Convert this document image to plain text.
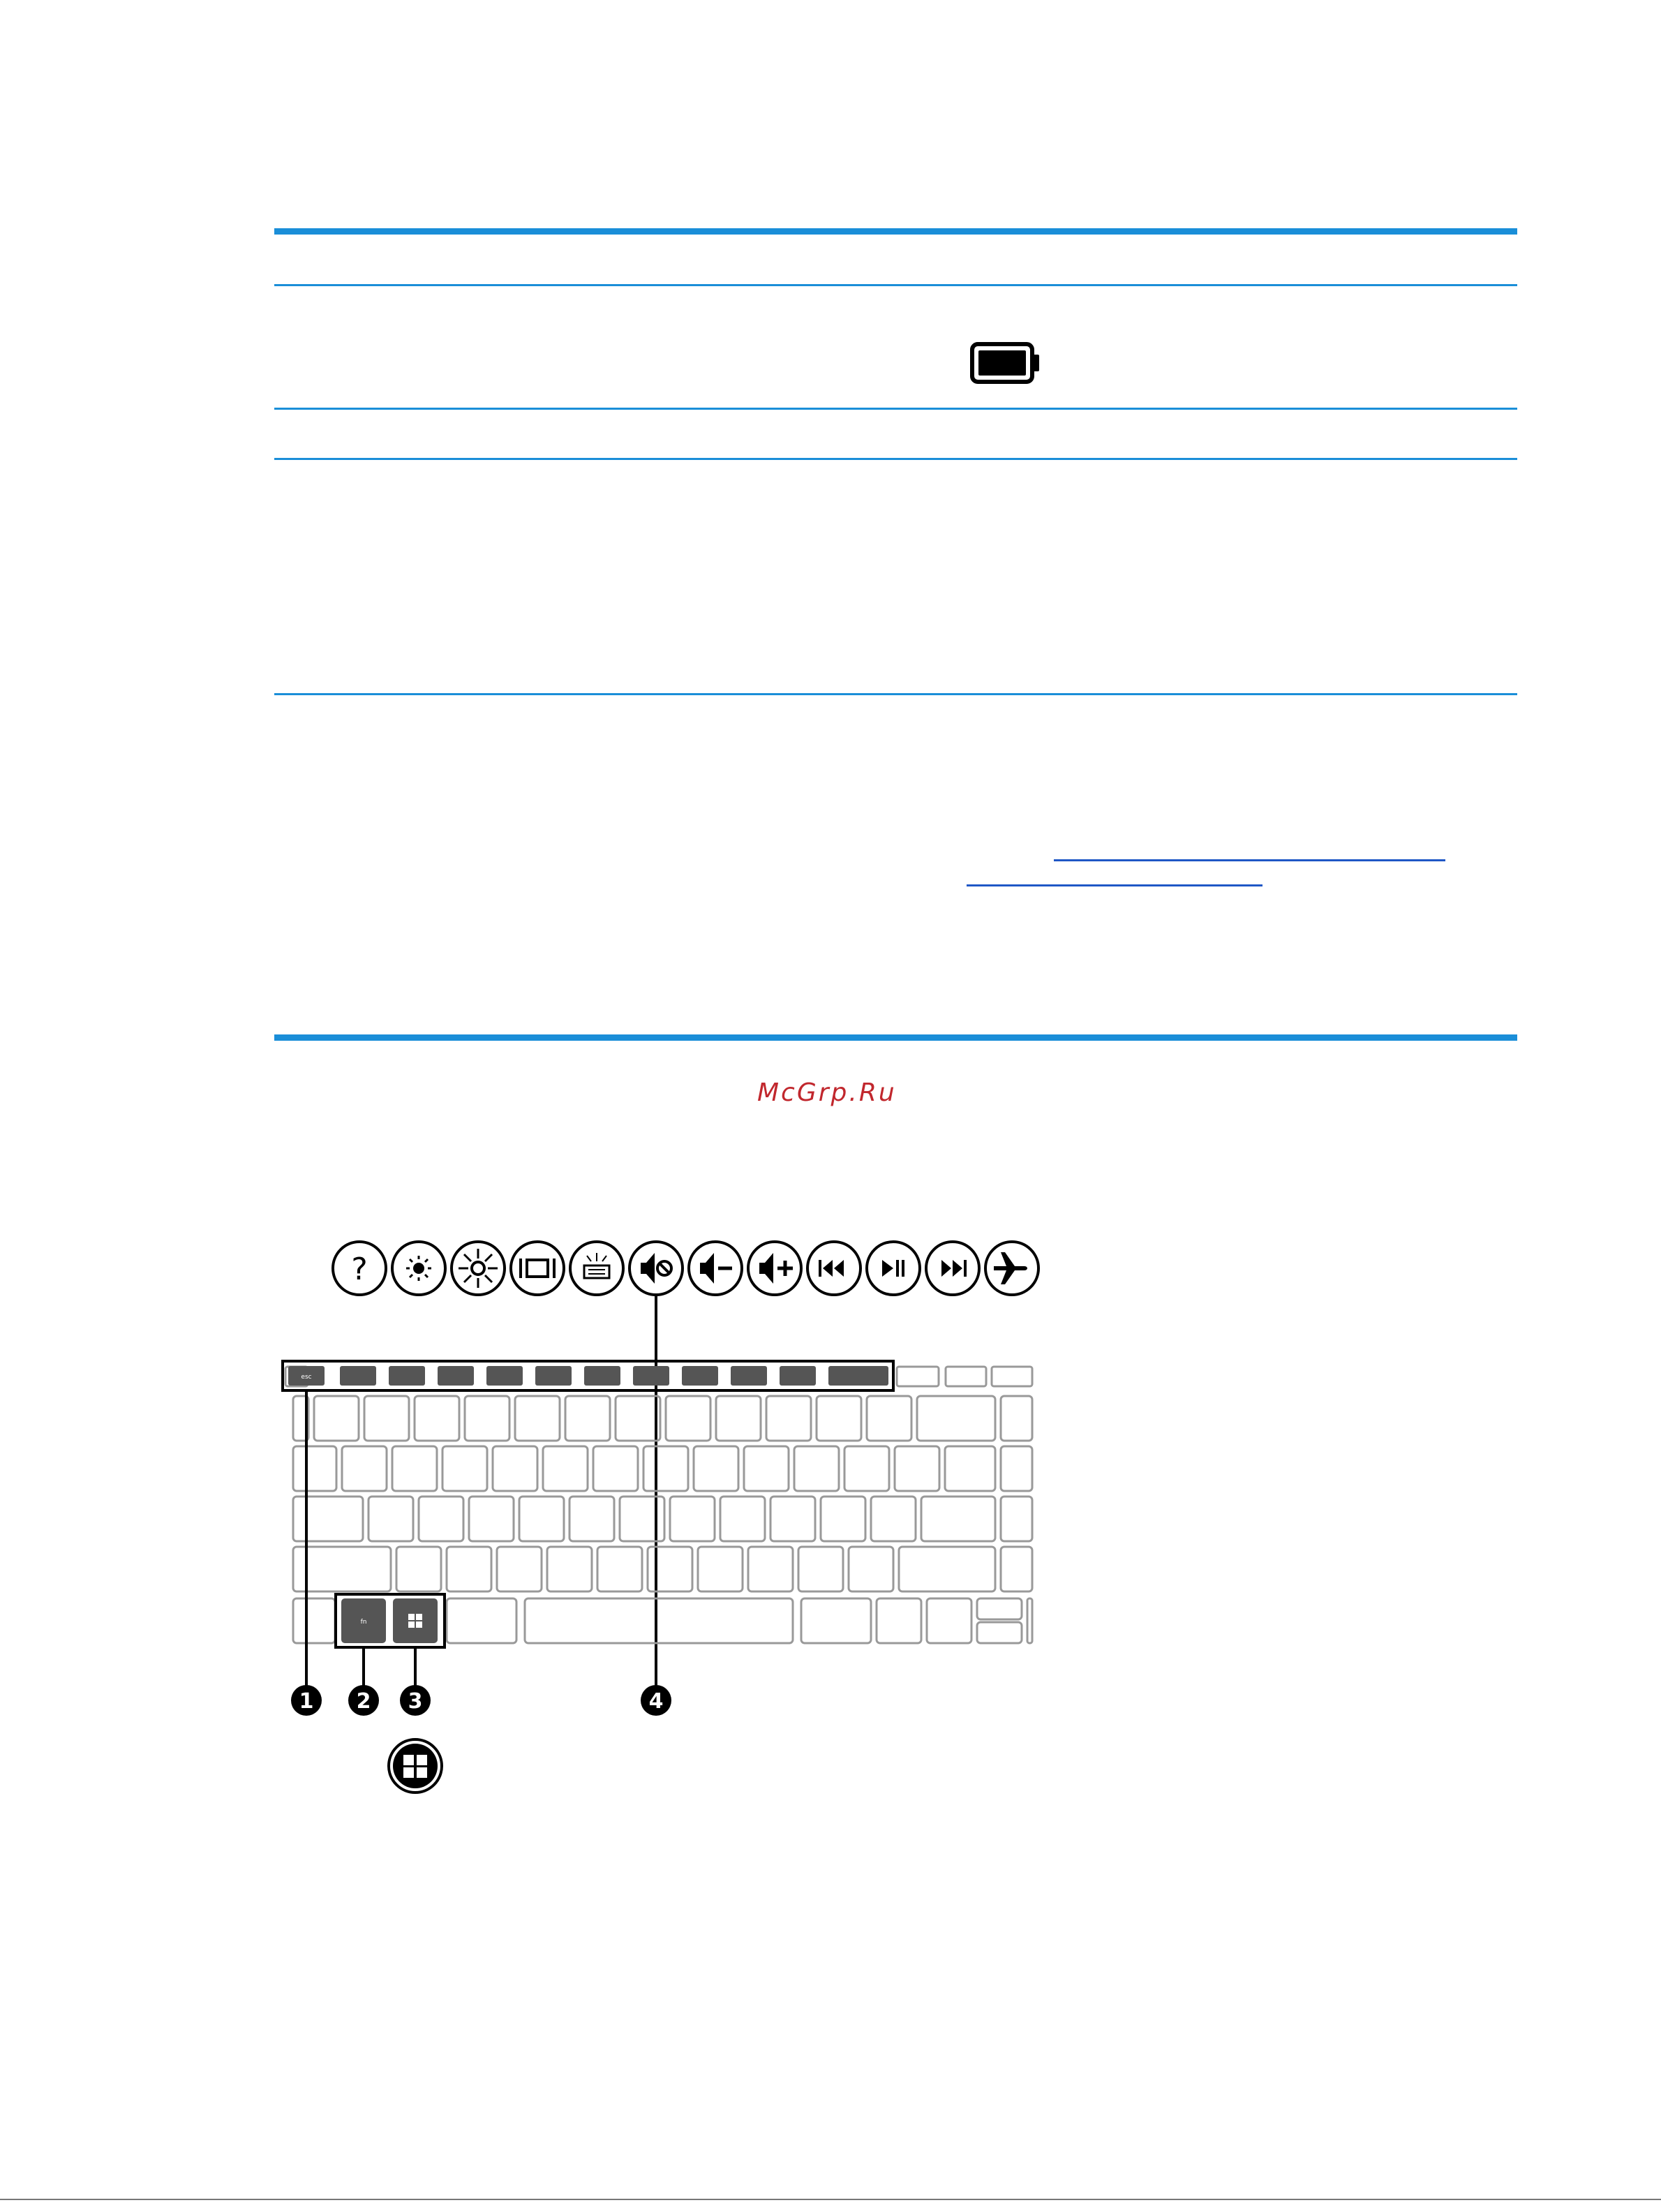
McGrp.Ru
?
esc
fn
1 2 3	4
